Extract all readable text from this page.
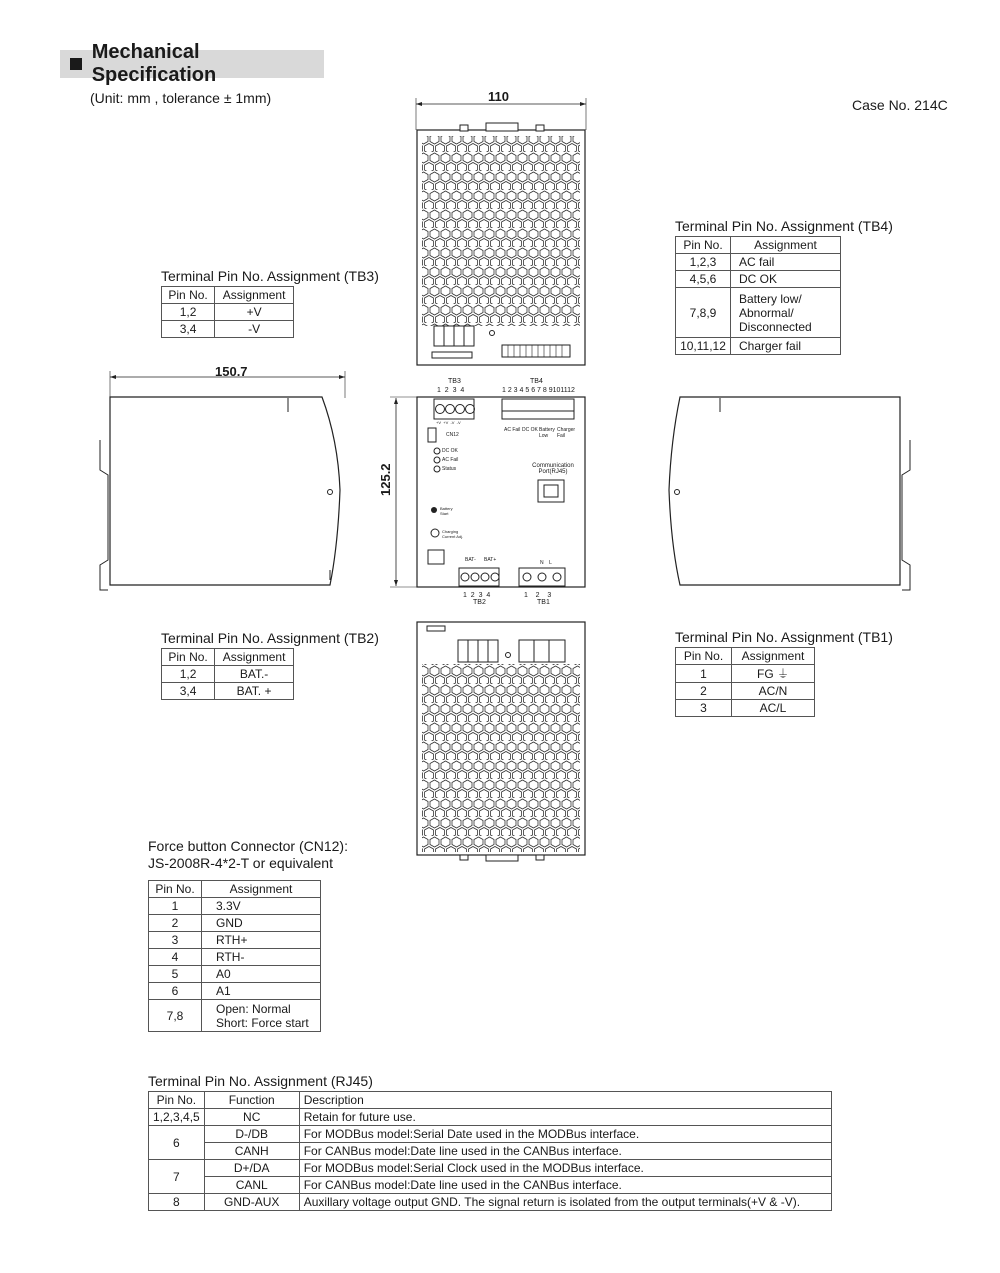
Mechanical Specification
(Unit: mm , tolerance ± 1mm)	Case No. 214C
110
150.7
125.2
TB3
1  2  3  4
+V  +V  -V  -V
TB4
1 2 3 4 5 6 7 8 9101112
AC Fail DC OK Battery Low
Charger Fail
CN12
DC OK
AC Fail
Status	Communication Port(RJ45)
Battery Start
Charging Current Adj.
BAT- BAT+	N    L
1  2  3  4
TB2
1    2    3
TB1
Terminal Pin No. Assignment (TB3)
Pin No.	Assignment
1,2	+V
3,4	-V
Terminal Pin No. Assignment (TB4)
Pin No.	Assignment
1,2,3	AC fail
4,5,6	DC OK
7,8,9	Battery low/
Abnormal/
Disconnected
10,11,12	Charger fail
Terminal Pin No. Assignment (TB2)
Pin No.	Assignment
1,2	BAT.-
3,4	BAT. +
Terminal Pin No. Assignment (TB1)
Pin No.	Assignment
1	FG ⏚
2	AC/N
3	AC/L
Force button Connector (CN12):
JS-2008R-4*2-T or equivalent
Pin No.	Assignment
1	3.3V
2	GND
3	RTH+
4	RTH-
5	A0
6	A1
7,8	Open: Normal
Short: Force start
Terminal Pin No. Assignment (RJ45)
Pin No.	Function	Description
1,2,3,4,5	NC	Retain for future use.
6	D-/DB	For MODBus model:Serial Date used in the MODBus interface.
	CANH	For CANBus model:Date line used in the CANBus interface.
7	D+/DA	For MODBus model:Serial Clock used in the MODBus interface.
	CANL	For CANBus model:Date line used in the CANBus interface.
8	GND-AUX	Auxillary voltage output GND. The signal return is isolated from the output terminals(+V & -V).
